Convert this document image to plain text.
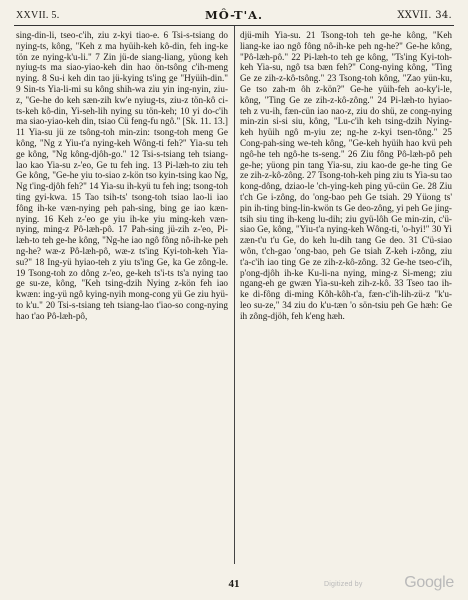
XXVII. 5.	MÔ-T'A.	XXVII. 34.

sing-din-li, tseo-c'ih, ziu z-kyi tiao-e. 6 Tsi-s-tsiang do nying-ts, kông, "Keh z ma hyüih-keh kô-din, feh ing-ke tön ze nying-k'u-li." 7 Zin jü-de siang-liang, yüong keh nyiug-ts ma siao-yiao-keh din hao ön-tsông c'ih-meng nying. 8 Su-i keh din tao jü-kying ts'ing ge "Hyüih-din." 9 Sin-ts Yia-li-mi su kông shih-wa ziu yin ing-nyin, ziu-z, "Ge-he do keh sæn-zih kw'e nyiug-ts, ziu-z tön-kô ci-ts-keh kô-din, Yi-seh-lih nying su tön-keh; 10 yi do-c'ih ma siao-yiao-keh din, tsiao Cü feng-fu ngô." [Sk. 11. 13.] 11 Yia-su jü ze tsông-toh min-zin: tsong-toh meng Ge kông, "Ng z Yiu-t'a nying-keh Wông-ti feh?" Yia-su teh ge kông, "Ng kông-djôh-go." 12 Tsi-s-tsiang teh tsiang-lao kao Yia-su z-'eo, Ge tu feh ing. 13 Pi-læh-to ziu teh Ge kông, "Ge-he yiu to-siao z-kön tso kyin-tsing kao Ng, Ng t'ing-djôh feh?" 14 Yia-su ih-kyü tu feh ing; tsong-toh ting gyi-kwa. 15 Tao tsih-ts' tsong-toh tsiao lao-li iao fông ih-ke væn-nying peh pah-sing, bing ge iao kæn-nying. 16 Keh z-'eo ge yiu ih-ke yiu ming-keh væn-nying, ming-z Pô-læh-pô. 17 Pah-sing jü-zih z-'eo, Pi-læh-to teh ge-he kông, "Ng-he iao ngô fông nô-ih-ke peh ng-he? wæ-z Pô-læh-pô, wæ-z ts'ing Kyi-toh-keh Yia-su?" 18 Ing-yü hyiao-teh z yiu ts'ing Ge, ka Ge zông-le. 19 Tsong-toh zo dông z-'eo, ge-keh ts'i-ts ts'a nying tao ge su-ze, kông, "Keh tsing-dzih Nying z-kön feh iao kwæn: ing-yü ngô kying-nyih mong-cong yü Ge ziu hyü-to k'u." 20 Tsi-s-tsiang teh tsiang-lao t'iao-so cong-nying hao t'ao Pô-læh-pô,

djü-mih Yia-su. 21 Tsong-toh teh ge-he kông, "Keh liang-ke iao ngô fông nô-ih-ke peh ng-he?" Ge-he kông, "Pô-læh-pô." 22 Pi-læh-to teh ge kông, "Ts'ing Kyi-toh-keh Yia-su, ngô tsa bæn feh?" Cong-nying kông, "Ting Ge ze zih-z-kô-tsông." 23 Tsong-toh kông, "Zao yün-ku, Ge tso zah-m ôh z-kön?" Ge-he yüih-feh ao-ky'i-le, kông, "Ting Ge ze zih-z-kô-zông." 24 Pi-læh-to hyiao-teh z vu-ih, fæn-cün iao nao-z, ziu do shü, ze cong-nying min-zin si-si siu, kông, "Lu-c'ih keh tsing-dzih Nying-keh hyüih ngô m-yiu ze; ng-he z-kyi tsen-tông." 25 Cong-pah-sing we-teh kông, "Ge-keh hyüih hao kvü peh ngô-he teh ngô-he ts-seng." 26 Ziu fông Pô-læh-pô peh ge-he; yüong pin tang Yia-su, ziu kao-de ge-he ting Ge ze zih-z-kô-zông. 27 Tsong-toh-keh ping ziu ts Yia-su tao kong-dông, dziao-le 'ch-ying-keh ping yü-cün Ge. 28 Ziu t'ch Ge i-zông, do 'ong-bao peh Ge tsiah. 29 Yüong ts' pin ih-ting bing-lin-kwön ts Ge deo-zông, yi peh Ge jing-tsih siu ting ih-keng lu-dih; ziu gyü-lôh Ge min-zin, c'ü-siao Ge, kông, "Yiu-t'a nying-keh Wông-ti, 'o-hyi!" 30 Yi zæn-t'u t'u Ge, do keh lu-dih tang Ge deo. 31 C'ü-siao wôn, t'ch-gao 'ong-bao, peh Ge tsiah Z-keh i-zông, ziu t'a-c'ih iao ting Ge ze zih-z-kô-zông. 32 Ge-he tseo-c'ih, p'ong-djôh ih-ke Ku-li-na nying, ming-z Si-meng; ziu ngang-eh ge gwæn Yia-su-keh zih-z-kô. 33 Tseo tao ih-ke di-fông di-ming Kôh-kôh-t'a, fæn-c'ih-lih-zü-z "k'u-leo su-ze," 34 ziu do k'u-tæn 'o sön-tsiu peh Ge hæh: Ge ih zông-djöh, feh k'eng hæh.

41	Digitized by	Google
